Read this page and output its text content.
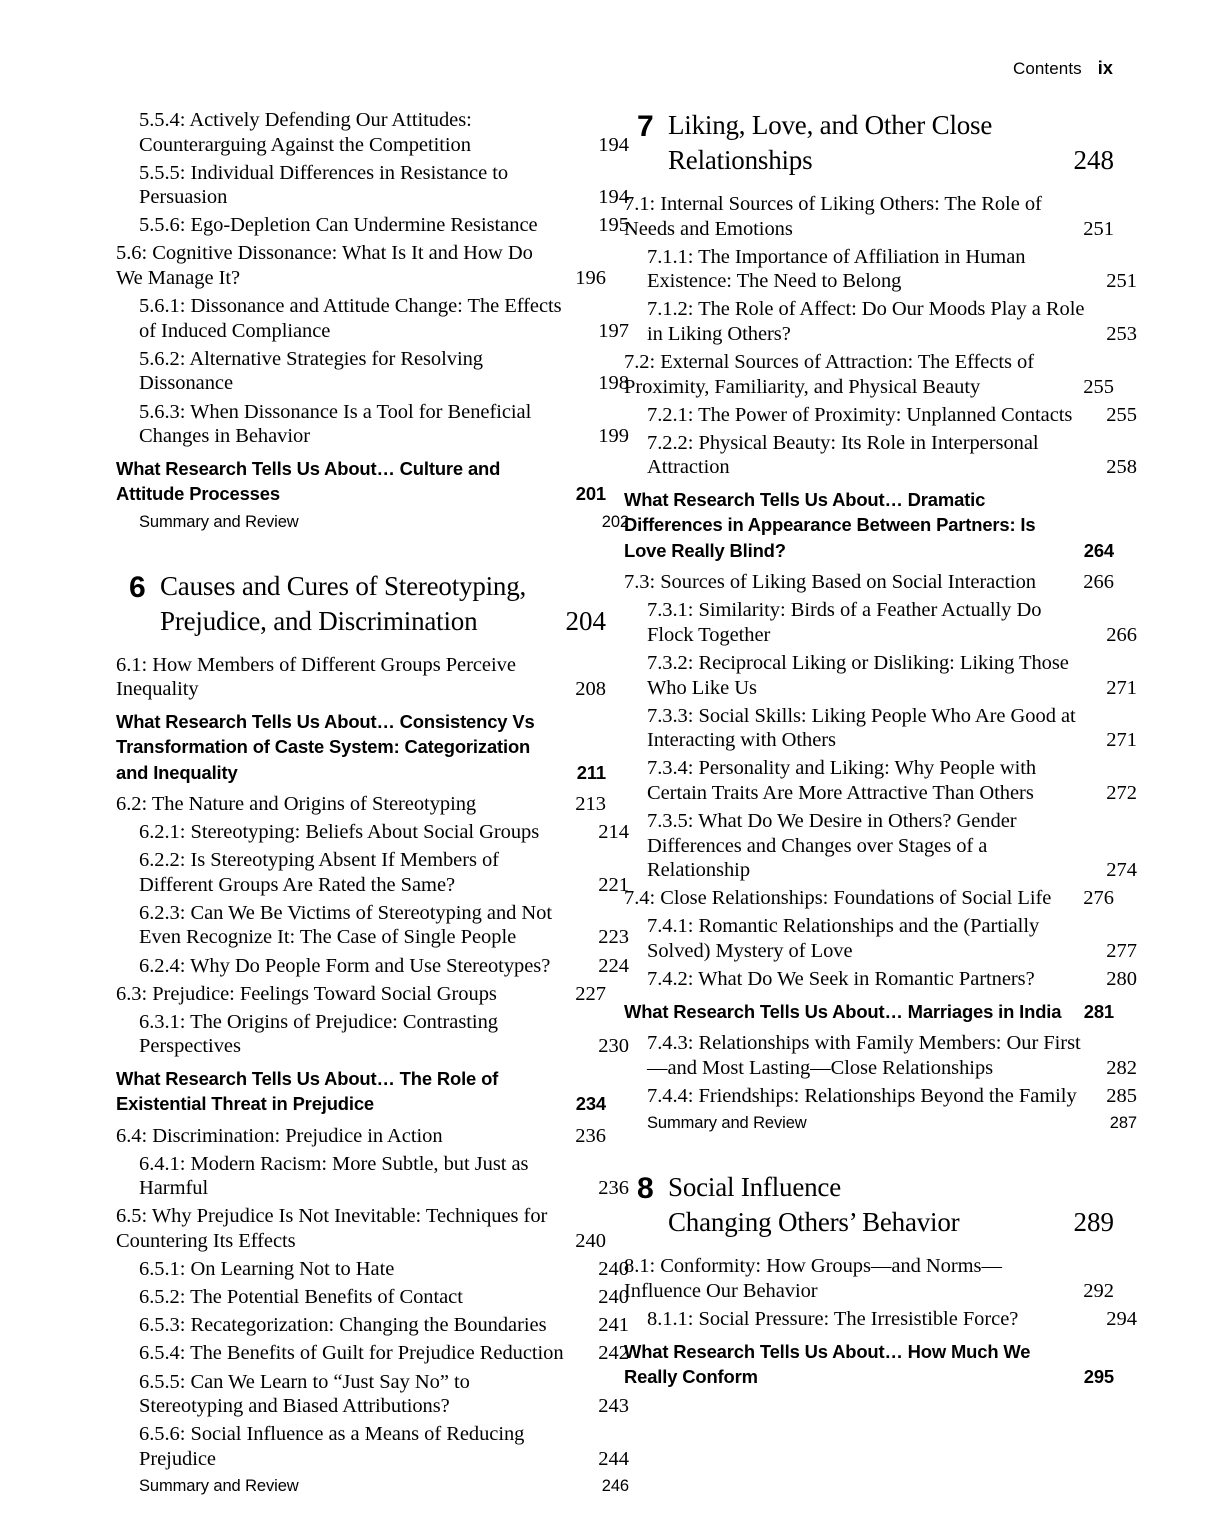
Contents ix
5.5.4: Actively Defending Our Attitudes: Counterarguing Against the Competition	194
5.5.5: Individual Differences in Resistance to Persuasion	194
5.5.6: Ego-Depletion Can Undermine Resistance	195
5.6: Cognitive Dissonance: What Is It and How Do We Manage It?	196
5.6.1: Dissonance and Attitude Change: The Effects of Induced Compliance	197
5.6.2: Alternative Strategies for Resolving Dissonance	198
5.6.3: When Dissonance Is a Tool for Beneficial Changes in Behavior	199
What Research Tells Us About… Culture and Attitude Processes	201
Summary and Review	202
6 Causes and Cures of Stereotyping, Prejudice, and Discrimination	204
6.1: How Members of Different Groups Perceive Inequality	208
What Research Tells Us About… Consistency Vs Transformation of Caste System: Categorization and Inequality	211
6.2: The Nature and Origins of Stereotyping	213
6.2.1: Stereotyping: Beliefs About Social Groups	214
6.2.2: Is Stereotyping Absent If Members of Different Groups Are Rated the Same?	221
6.2.3: Can We Be Victims of Stereotyping and Not Even Recognize It: The Case of Single People	223
6.2.4: Why Do People Form and Use Stereotypes?	224
6.3: Prejudice: Feelings Toward Social Groups	227
6.3.1: The Origins of Prejudice: Contrasting Perspectives	230
What Research Tells Us About… The Role of Existential Threat in Prejudice	234
6.4: Discrimination: Prejudice in Action	236
6.4.1: Modern Racism: More Subtle, but Just as Harmful	236
6.5: Why Prejudice Is Not Inevitable: Techniques for Countering Its Effects	240
6.5.1: On Learning Not to Hate	240
6.5.2: The Potential Benefits of Contact	240
6.5.3: Recategorization: Changing the Boundaries	241
6.5.4: The Benefits of Guilt for Prejudice Reduction	242
6.5.5: Can We Learn to “Just Say No” to Stereotyping and Biased Attributions?	243
6.5.6: Social Influence as a Means of Reducing Prejudice	244
Summary and Review	246
7 Liking, Love, and Other Close Relationships	248
7.1: Internal Sources of Liking Others: The Role of Needs and Emotions	251
7.1.1: The Importance of Affiliation in Human Existence: The Need to Belong	251
7.1.2: The Role of Affect: Do Our Moods Play a Role in Liking Others?	253
7.2: External Sources of Attraction: The Effects of Proximity, Familiarity, and Physical Beauty	255
7.2.1: The Power of Proximity: Unplanned Contacts	255
7.2.2: Physical Beauty: Its Role in Interpersonal Attraction	258
What Research Tells Us About… Dramatic Differences in Appearance Between Partners: Is Love Really Blind?	264
7.3: Sources of Liking Based on Social Interaction	266
7.3.1: Similarity: Birds of a Feather Actually Do Flock Together	266
7.3.2: Reciprocal Liking or Disliking: Liking Those Who Like Us	271
7.3.3: Social Skills: Liking People Who Are Good at Interacting with Others	271
7.3.4: Personality and Liking: Why People with Certain Traits Are More Attractive Than Others	272
7.3.5: What Do We Desire in Others? Gender Differences and Changes over Stages of a Relationship	274
7.4: Close Relationships: Foundations of Social Life	276
7.4.1: Romantic Relationships and the (Partially Solved) Mystery of Love	277
7.4.2: What Do We Seek in Romantic Partners?	280
What Research Tells Us About… Marriages in India	281
7.4.3: Relationships with Family Members: Our First—and Most Lasting—Close Relationships	282
7.4.4: Friendships: Relationships Beyond the Family	285
Summary and Review	287
8 Social Influence
Changing Others’ Behavior	289
8.1: Conformity: How Groups—and Norms—Influence Our Behavior	292
8.1.1: Social Pressure: The Irresistible Force?	294
What Research Tells Us About… How Much We Really Conform	295
